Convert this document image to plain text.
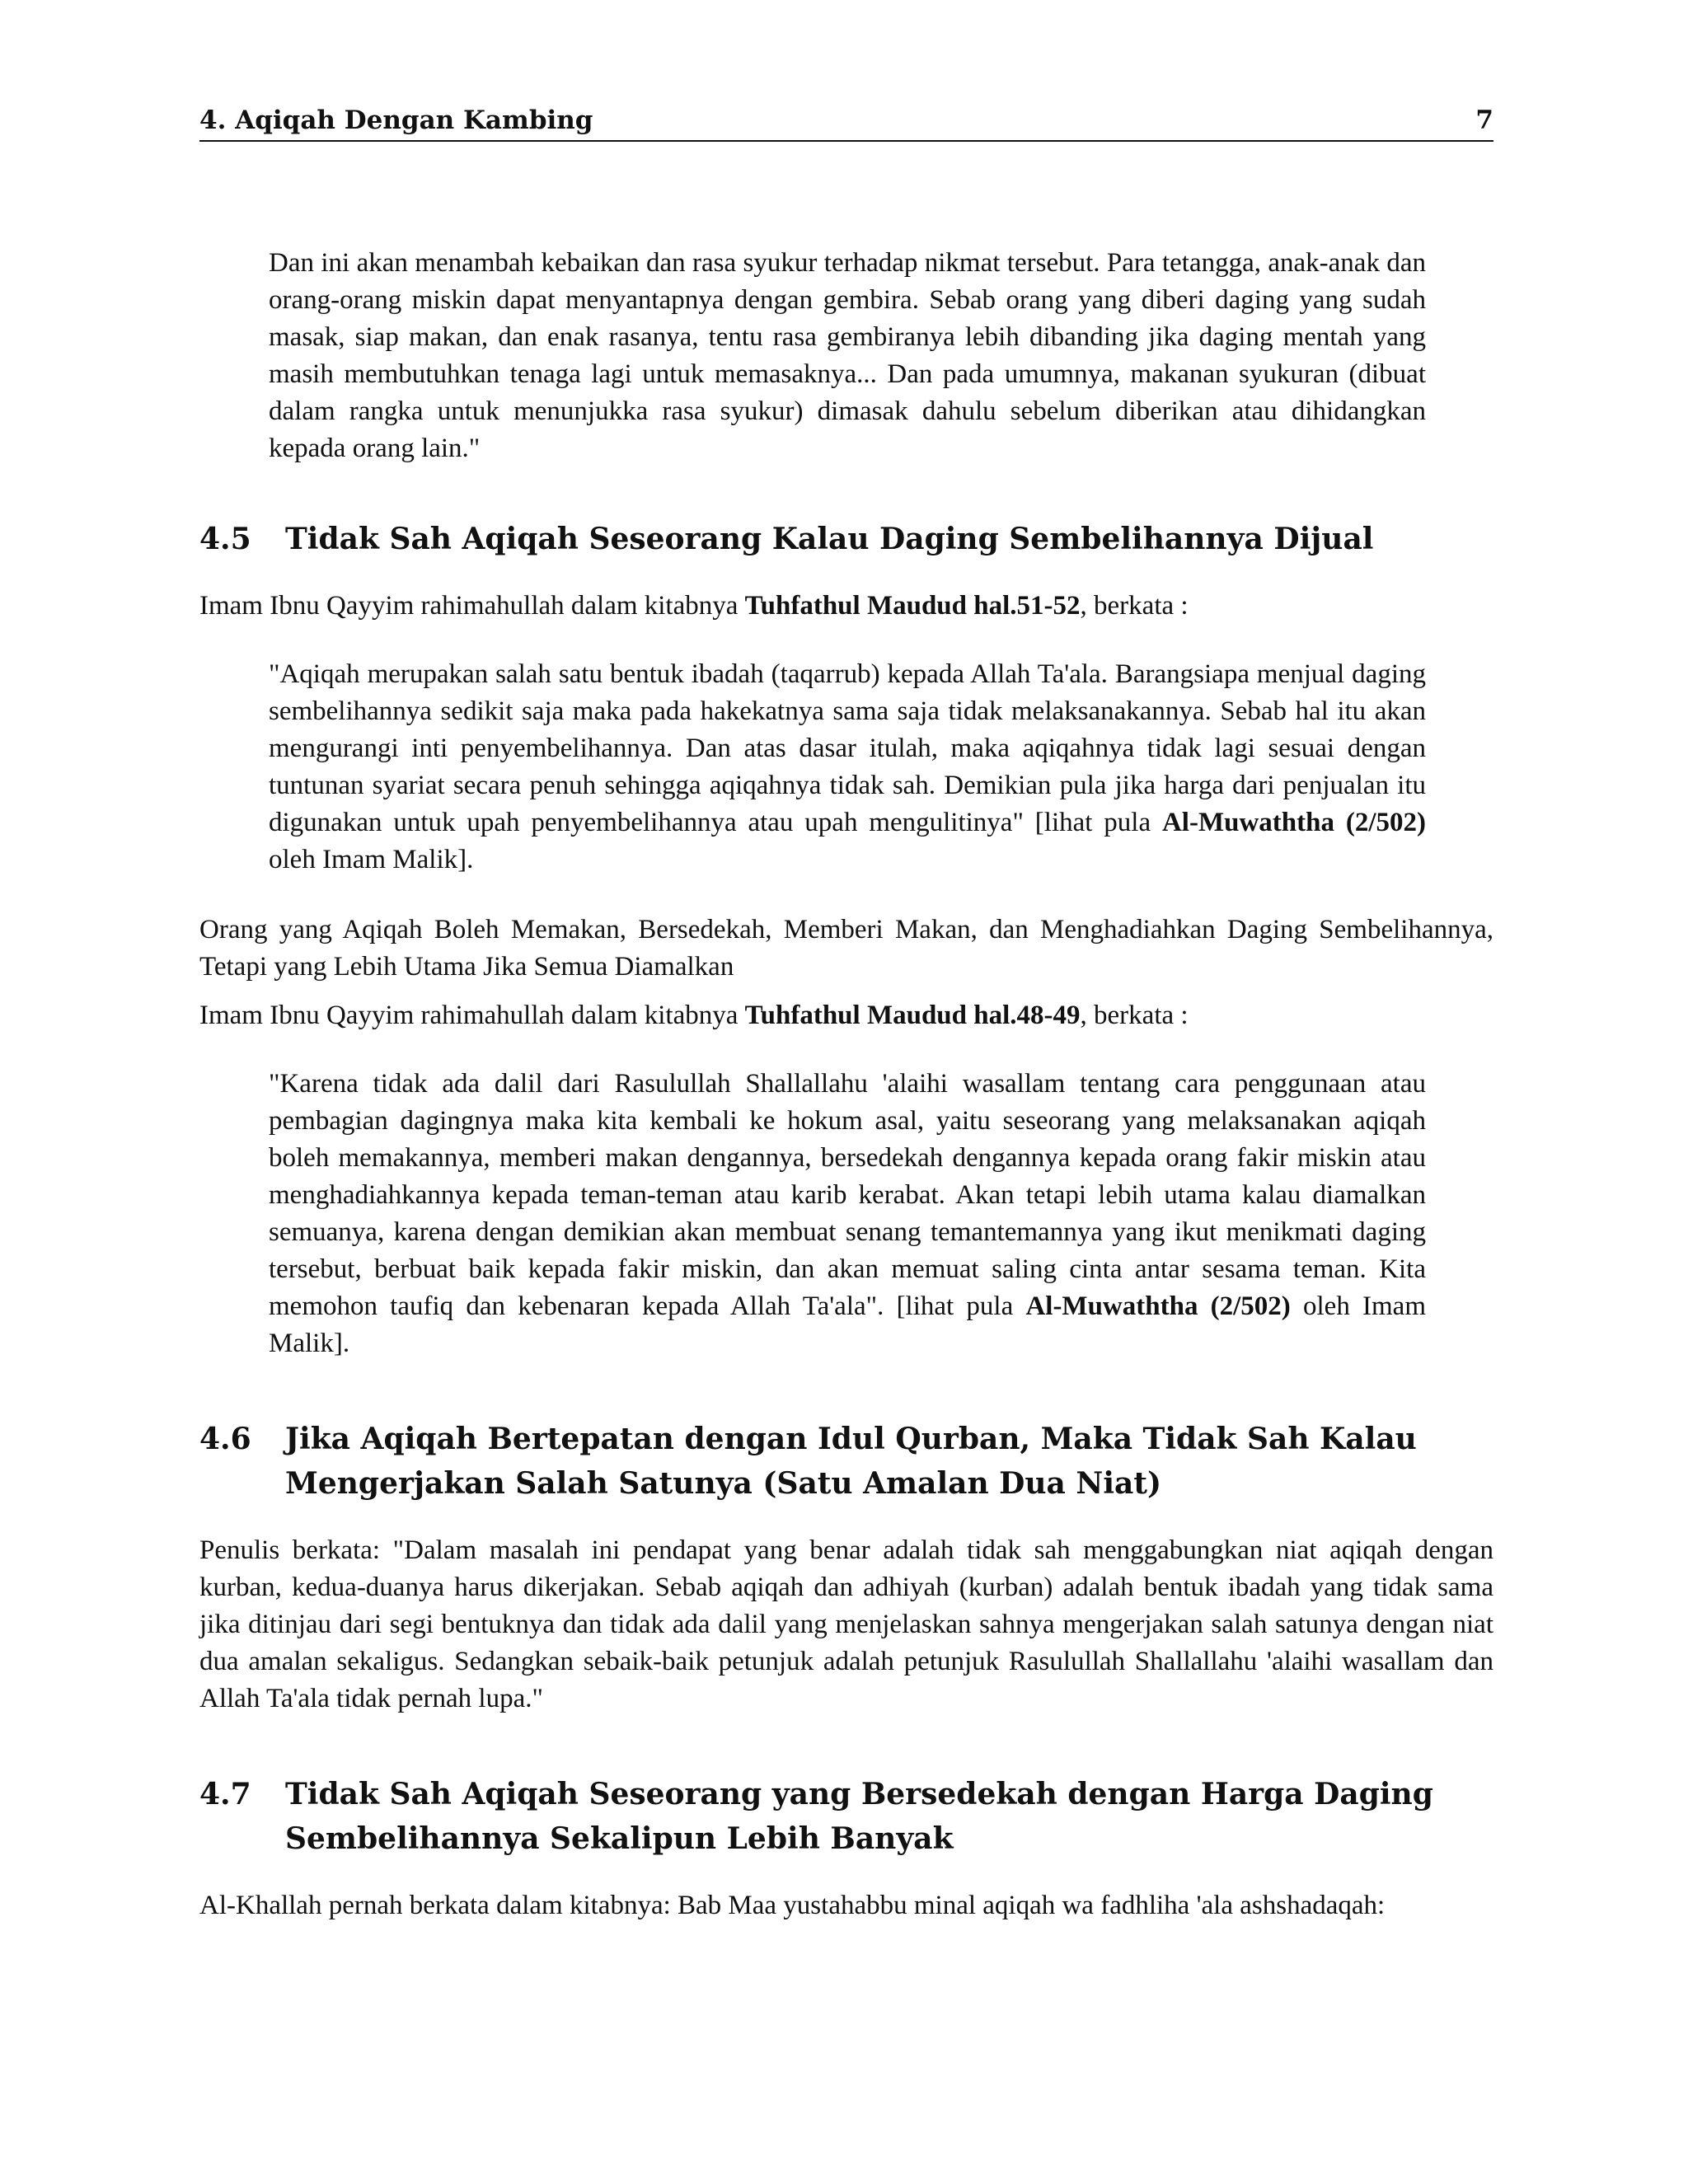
4. Aqiqah Dengan Kambing	7

Dan ini akan menambah kebaikan dan rasa syukur terhadap nikmat tersebut. Para tetangga, anak-anak dan orang-orang miskin dapat menyantapnya dengan gembira. Sebab orang yang diberi daging yang sudah masak, siap makan, dan enak rasanya, tentu rasa gembiranya lebih dibanding jika daging mentah yang masih membutuhkan tenaga lagi untuk memasaknya... Dan pada umumnya, makanan syukuran (dibuat dalam rangka untuk menunjukka rasa syukur) dimasak dahulu sebelum diberikan atau dihidangkan kepada orang lain."

4.5	Tidak Sah Aqiqah Seseorang Kalau Daging Sembelihannya Dijual

Imam Ibnu Qayyim rahimahullah dalam kitabnya Tuhfathul Maudud hal.51-52, berkata :

"Aqiqah merupakan salah satu bentuk ibadah (taqarrub) kepada Allah Ta'ala. Barangsiapa menjual daging sembelihannya sedikit saja maka pada hakekatnya sama saja tidak melaksanakannya. Sebab hal itu akan mengurangi inti penyembelihannya. Dan atas dasar itulah, maka aqiqahnya tidak lagi sesuai dengan tuntunan syariat secara penuh sehingga aqiqahnya tidak sah. Demikian pula jika harga dari penjualan itu digunakan untuk upah penyembelihannya atau upah mengulitinya" [lihat pula Al-Muwaththa (2/502) oleh Imam Malik].

Orang yang Aqiqah Boleh Memakan, Bersedekah, Memberi Makan, dan Menghadiahkan Daging Sembelihannya, Tetapi yang Lebih Utama Jika Semua Diamalkan

Imam Ibnu Qayyim rahimahullah dalam kitabnya Tuhfathul Maudud hal.48-49, berkata :

"Karena tidak ada dalil dari Rasulullah Shallallahu 'alaihi wasallam tentang cara penggunaan atau pembagian dagingnya maka kita kembali ke hokum asal, yaitu seseorang yang melaksanakan aqiqah boleh memakannya, memberi makan dengannya, bersedekah dengannya kepada orang fakir miskin atau menghadiahkannya kepada teman-teman atau karib kerabat. Akan tetapi lebih utama kalau diamalkan semuanya, karena dengan demikian akan membuat senang temantemannya yang ikut menikmati daging tersebut, berbuat baik kepada fakir miskin, dan akan memuat saling cinta antar sesama teman. Kita memohon taufiq dan kebenaran kepada Allah Ta'ala". [lihat pula Al-Muwaththa (2/502) oleh Imam Malik].

4.6	Jika Aqiqah Bertepatan dengan Idul Qurban, Maka Tidak Sah Kalau Mengerjakan Salah Satunya (Satu Amalan Dua Niat)

Penulis berkata: "Dalam masalah ini pendapat yang benar adalah tidak sah menggabungkan niat aqiqah dengan kurban, kedua-duanya harus dikerjakan. Sebab aqiqah dan adhiyah (kurban) adalah bentuk ibadah yang tidak sama jika ditinjau dari segi bentuknya dan tidak ada dalil yang menjelaskan sahnya mengerjakan salah satunya dengan niat dua amalan sekaligus. Sedangkan sebaik-baik petunjuk adalah petunjuk Rasulullah Shallallahu 'alaihi wasallam dan Allah Ta'ala tidak pernah lupa."

4.7	Tidak Sah Aqiqah Seseorang yang Bersedekah dengan Harga Daging Sembelihannya Sekalipun Lebih Banyak

Al-Khallah pernah berkata dalam kitabnya: Bab Maa yustahabbu minal aqiqah wa fadhliha 'ala ashshadaqah:
